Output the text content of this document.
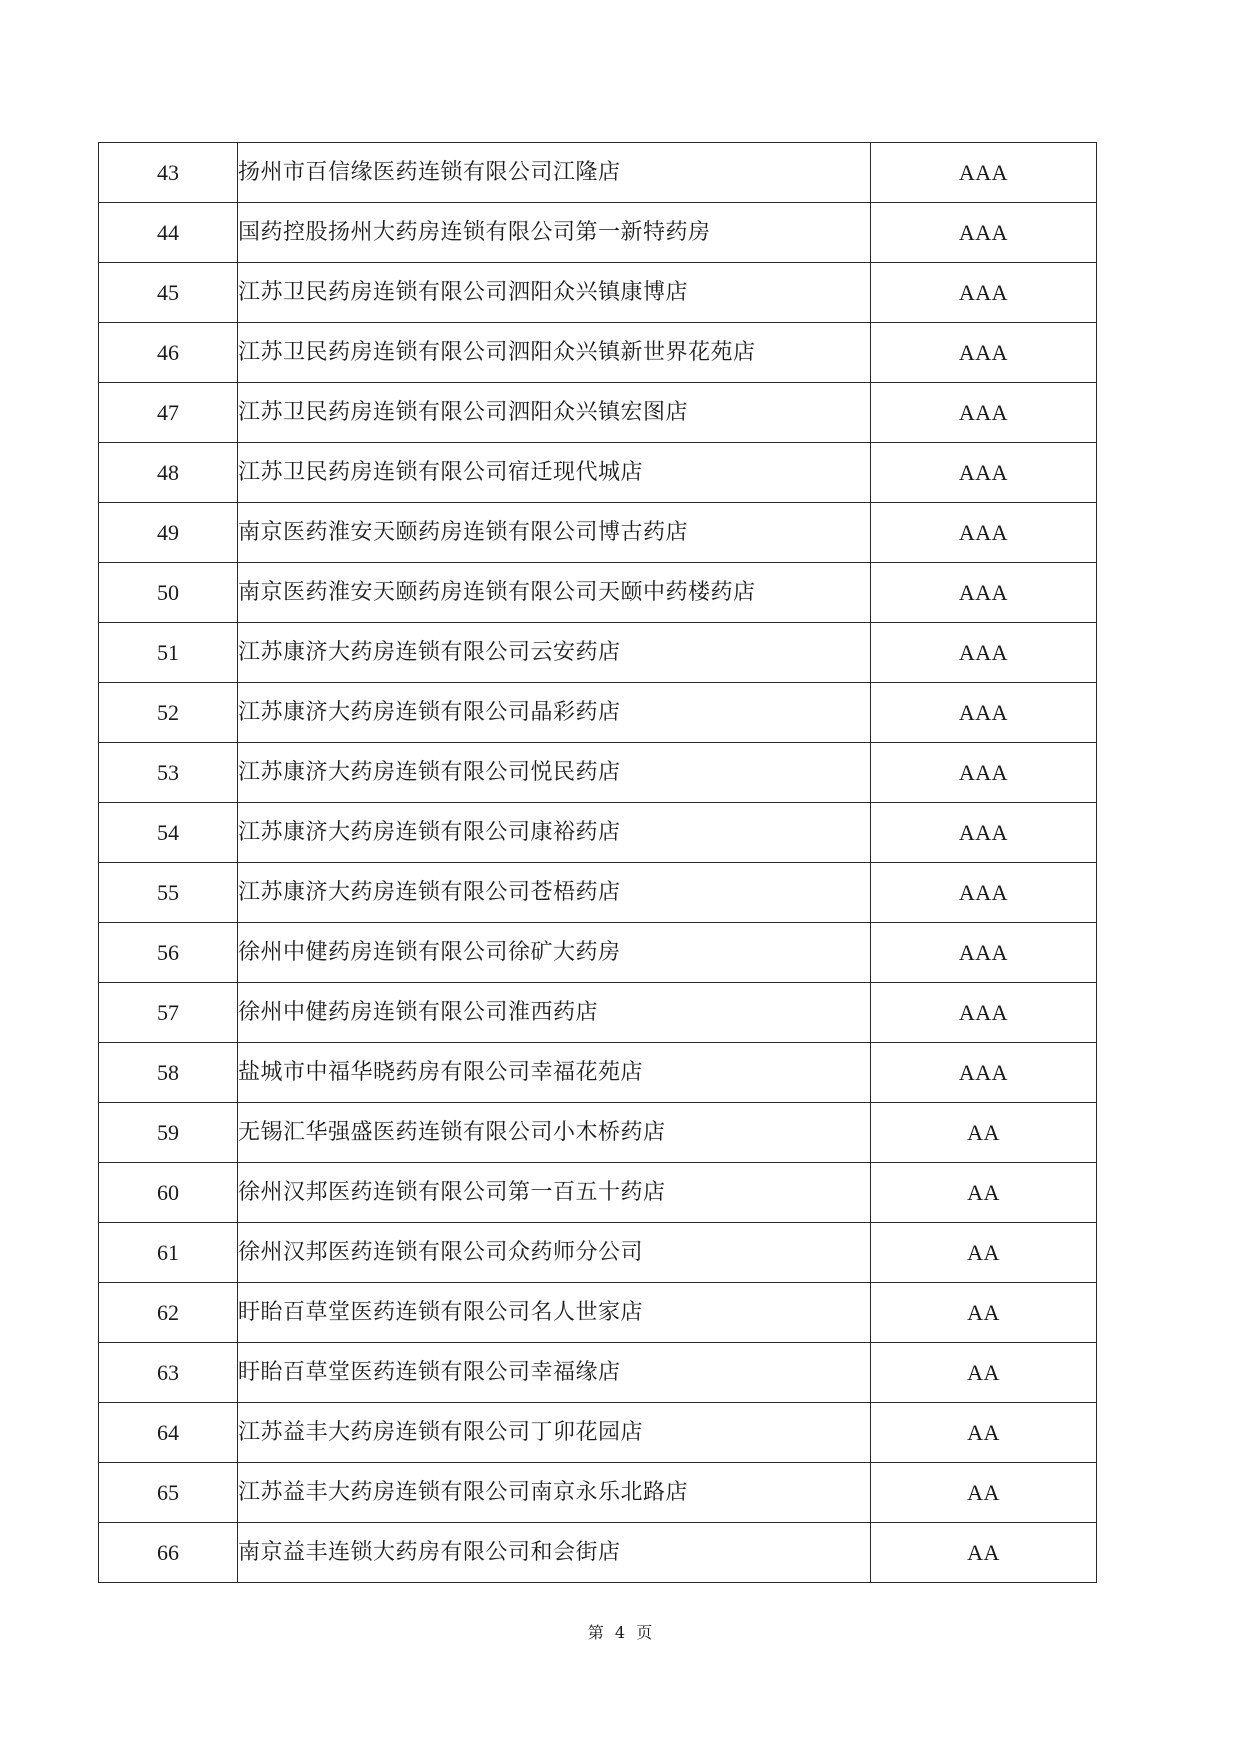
43	扬州市百信缘医药连锁有限公司江隆店	AAA
44	国药控股扬州大药房连锁有限公司第一新特药房	AAA
45	江苏卫民药房连锁有限公司泗阳众兴镇康博店	AAA
46	江苏卫民药房连锁有限公司泗阳众兴镇新世界花苑店	AAA
47	江苏卫民药房连锁有限公司泗阳众兴镇宏图店	AAA
48	江苏卫民药房连锁有限公司宿迁现代城店	AAA
49	南京医药淮安天颐药房连锁有限公司博古药店	AAA
50	南京医药淮安天颐药房连锁有限公司天颐中药楼药店	AAA
51	江苏康济大药房连锁有限公司云安药店	AAA
52	江苏康济大药房连锁有限公司晶彩药店	AAA
53	江苏康济大药房连锁有限公司悦民药店	AAA
54	江苏康济大药房连锁有限公司康裕药店	AAA
55	江苏康济大药房连锁有限公司苍梧药店	AAA
56	徐州中健药房连锁有限公司徐矿大药房	AAA
57	徐州中健药房连锁有限公司淮西药店	AAA
58	盐城市中福华晓药房有限公司幸福花苑店	AAA
59	无锡汇华强盛医药连锁有限公司小木桥药店	AA
60	徐州汉邦医药连锁有限公司第一百五十药店	AA
61	徐州汉邦医药连锁有限公司众药师分公司	AA
62	盱眙百草堂医药连锁有限公司名人世家店	AA
63	盱眙百草堂医药连锁有限公司幸福缘店	AA
64	江苏益丰大药房连锁有限公司丁卯花园店	AA
65	江苏益丰大药房连锁有限公司南京永乐北路店	AA
66	南京益丰连锁大药房有限公司和会街店	AA
第 4 页
